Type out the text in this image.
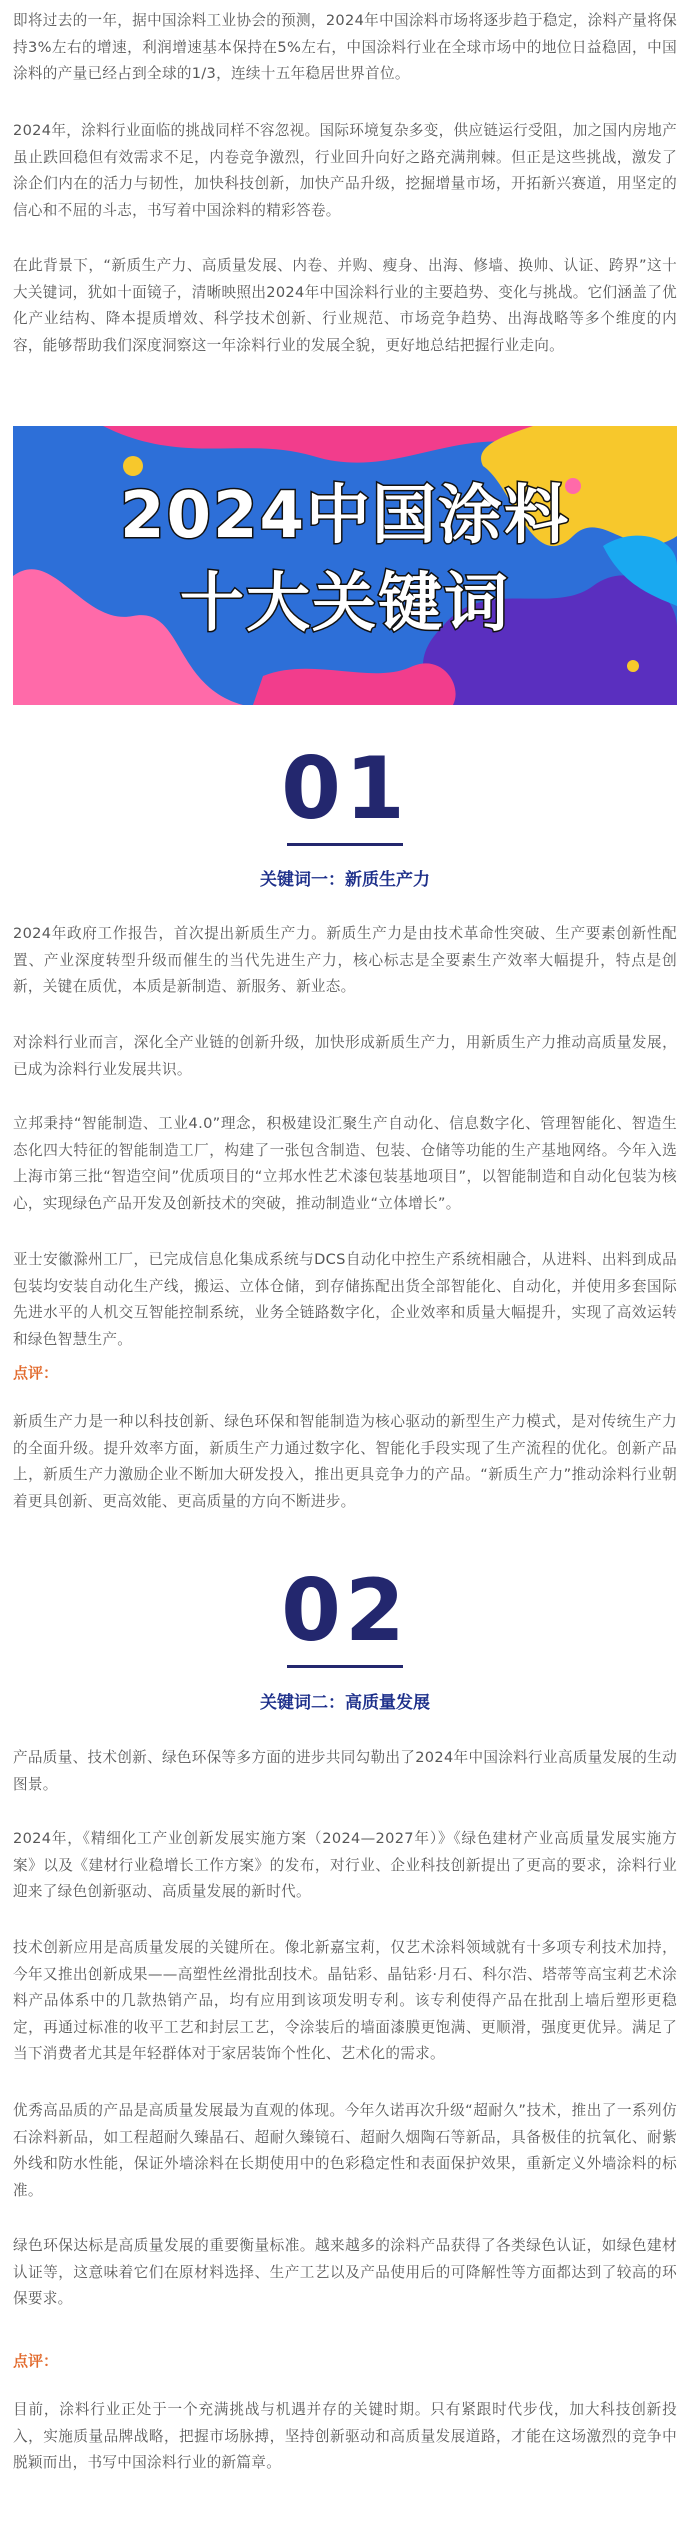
即将过去的一年，据中国涂料工业协会的预测，2024年中国涂料市场将逐步趋于稳定，涂料产量将保持3%左右的增速，利润增速基本保持在5%左右，中国涂料行业在全球市场中的地位日益稳固，中国涂料的产量已经占到全球的1/3，连续十五年稳居世界首位。

2024年，涂料行业面临的挑战同样不容忽视。国际环境复杂多变，供应链运行受阻，加之国内房地产虽止跌回稳但有效需求不足，内卷竞争激烈，行业回升向好之路充满荆棘。但正是这些挑战，激发了涂企们内在的活力与韧性，加快科技创新，加快产品升级，挖掘增量市场，开拓新兴赛道，用坚定的信心和不屈的斗志，书写着中国涂料的精彩答卷。

在此背景下，“新质生产力、高质量发展、内卷、并购、瘦身、出海、修墙、换帅、认证、跨界”这十大关键词，犹如十面镜子，清晰映照出2024年中国涂料行业的主要趋势、变化与挑战。它们涵盖了优化产业结构、降本提质增效、科学技术创新、行业规范、市场竞争趋势、出海战略等多个维度的内容，能够帮助我们深度洞察这一年涂料行业的发展全貌，更好地总结把握行业走向。

2024中国涂料
十大关键词
01
关键词一：新质生产力

2024年政府工作报告，首次提出新质生产力。新质生产力是由技术革命性突破、生产要素创新性配置、产业深度转型升级而催生的当代先进生产力，核心标志是全要素生产效率大幅提升，特点是创新，关键在质优，本质是新制造、新服务、新业态。

对涂料行业而言，深化全产业链的创新升级，加快形成新质生产力，用新质生产力推动高质量发展，已成为涂料行业发展共识。

立邦秉持“智能制造、工业4.0”理念，积极建设汇聚生产自动化、信息数字化、管理智能化、智造生态化四大特征的智能制造工厂，构建了一张包含制造、包装、仓储等功能的生产基地网络。今年入选上海市第三批“智造空间”优质项目的“立邦水性艺术漆包装基地项目”，以智能制造和自动化包装为核心，实现绿色产品开发及创新技术的突破，推动制造业“立体增长”。

亚士安徽滁州工厂，已完成信息化集成系统与DCS自动化中控生产系统相融合，从进料、出料到成品包装均安装自动化生产线，搬运、立体仓储，到存储拣配出货全部智能化、自动化，并使用多套国际先进水平的人机交互智能控制系统，业务全链路数字化，企业效率和质量大幅提升，实现了高效运转和绿色智慧生产。

点评：

新质生产力是一种以科技创新、绿色环保和智能制造为核心驱动的新型生产力模式，是对传统生产力的全面升级。提升效率方面，新质生产力通过数字化、智能化手段实现了生产流程的优化。创新产品上，新质生产力激励企业不断加大研发投入，推出更具竞争力的产品。“新质生产力”推动涂料行业朝着更具创新、更高效能、更高质量的方向不断进步。

02
关键词二：高质量发展

产品质量、技术创新、绿色环保等多方面的进步共同勾勒出了2024年中国涂料行业高质量发展的生动图景。

2024年，《精细化工产业创新发展实施方案（2024—2027年）》《绿色建材产业高质量发展实施方案》以及《建材行业稳增长工作方案》的发布，对行业、企业科技创新提出了更高的要求，涂料行业迎来了绿色创新驱动、高质量发展的新时代。

技术创新应用是高质量发展的关键所在。像北新嘉宝莉，仅艺术涂料领域就有十多项专利技术加持，今年又推出创新成果——高塑性丝滑批刮技术。晶钻彩、晶钻彩·月石、科尔浩、塔蒂等高宝莉艺术涂料产品体系中的几款热销产品，均有应用到该项发明专利。该专利使得产品在批刮上墙后塑形更稳定，再通过标准的收平工艺和封层工艺，令涂装后的墙面漆膜更饱满、更顺滑，强度更优异。满足了当下消费者尤其是年轻群体对于家居装饰个性化、艺术化的需求。

优秀高品质的产品是高质量发展最为直观的体现。今年久诺再次升级“超耐久”技术，推出了一系列仿石涂料新品，如工程超耐久臻晶石、超耐久臻镜石、超耐久烟陶石等新品，具备极佳的抗氧化、耐紫外线和防水性能，保证外墙涂料在长期使用中的色彩稳定性和表面保护效果，重新定义外墙涂料的标准。

绿色环保达标是高质量发展的重要衡量标准。越来越多的涂料产品获得了各类绿色认证，如绿色建材认证等，这意味着它们在原材料选择、生产工艺以及产品使用后的可降解性等方面都达到了较高的环保要求。

点评：

目前，涂料行业正处于一个充满挑战与机遇并存的关键时期。只有紧跟时代步伐，加大科技创新投入，实施质量品牌战略，把握市场脉搏，坚持创新驱动和高质量发展道路，才能在这场激烈的竞争中脱颖而出，书写中国涂料行业的新篇章。
